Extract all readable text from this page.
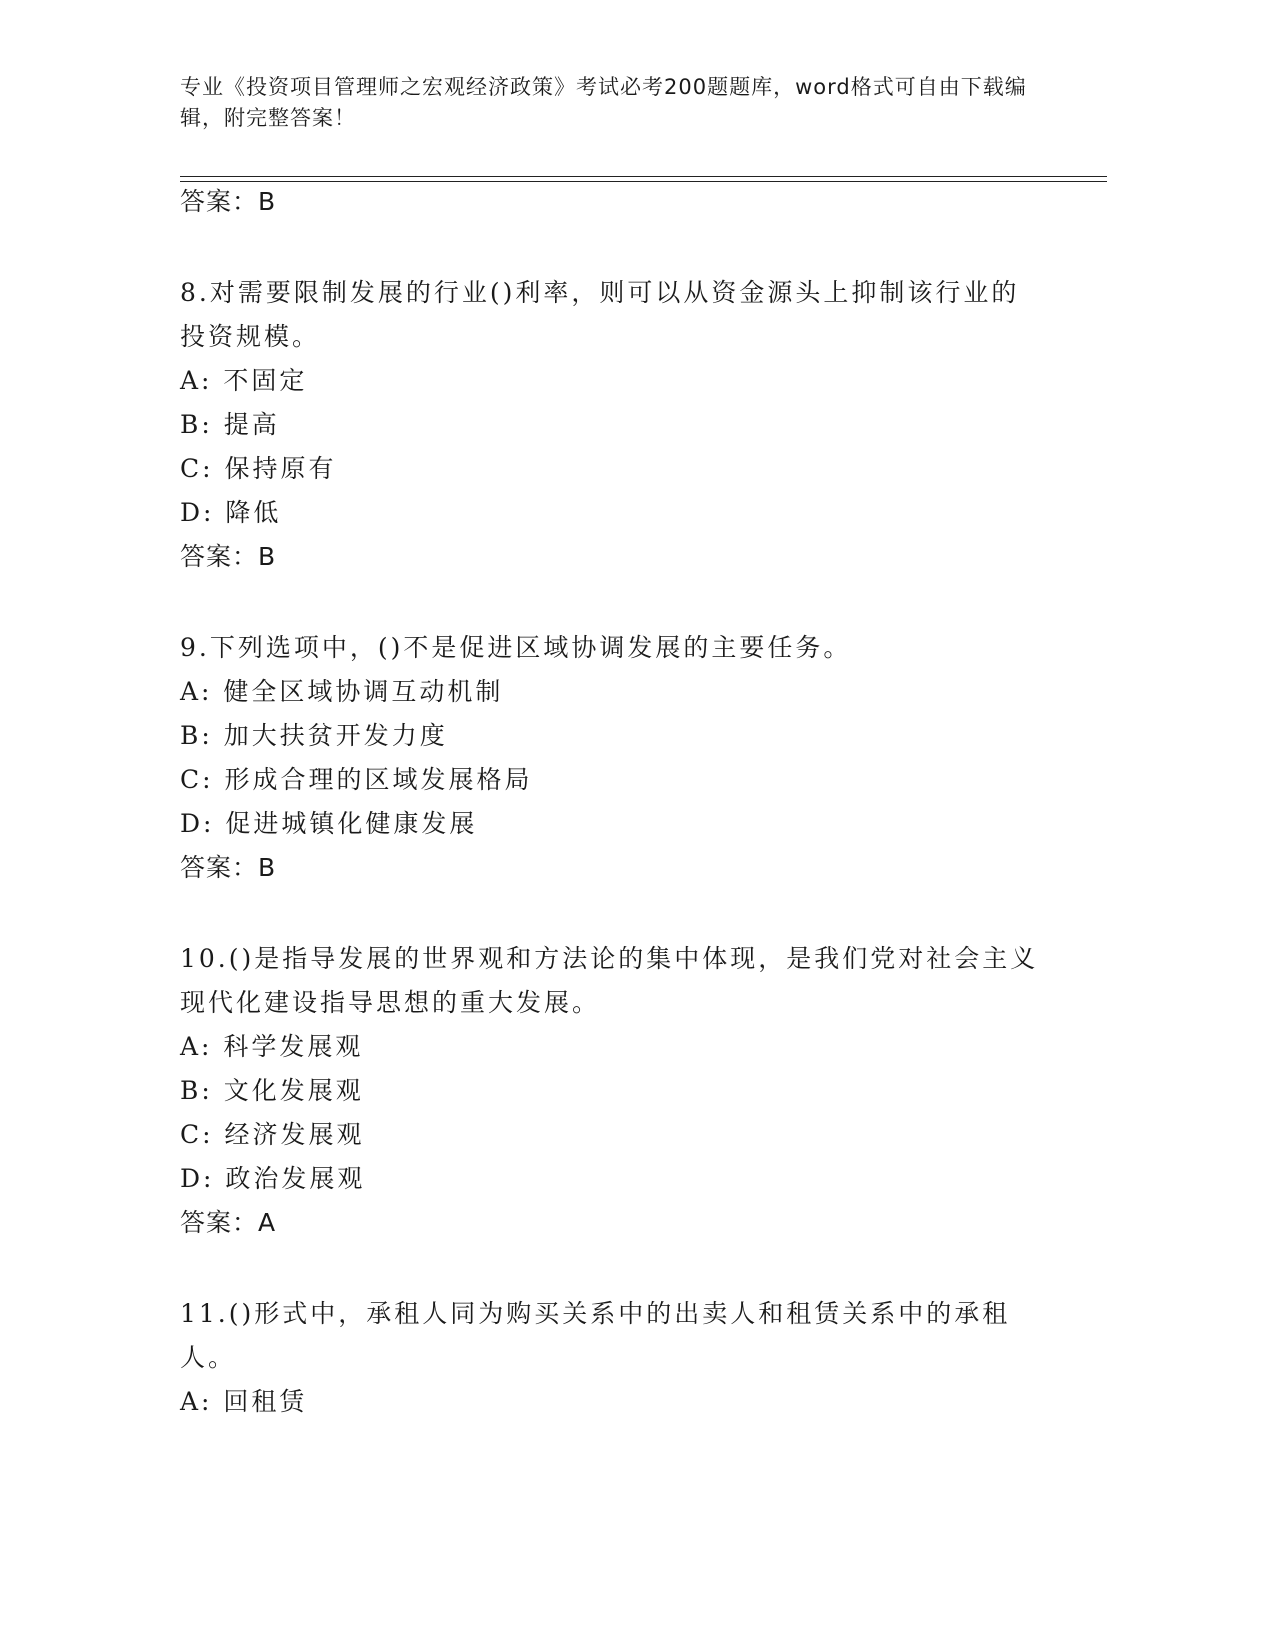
专业《投资项目管理师之宏观经济政策》考试必考200题题库，word格式可自由下载编辑，附完整答案！
答案：B
8.对需要限制发展的行业()利率，则可以从资金源头上抑制该行业的投资规模。
A: 不固定
B: 提高
C: 保持原有
D: 降低
答案：B
9.下列选项中，()不是促进区域协调发展的主要任务。
A: 健全区域协调互动机制
B: 加大扶贫开发力度
C: 形成合理的区域发展格局
D: 促进城镇化健康发展
答案：B
10.()是指导发展的世界观和方法论的集中体现，是我们党对社会主义现代化建设指导思想的重大发展。
A: 科学发展观
B: 文化发展观
C: 经济发展观
D: 政治发展观
答案：A
11.()形式中，承租人同为购买关系中的出卖人和租赁关系中的承租人。
A: 回租赁
